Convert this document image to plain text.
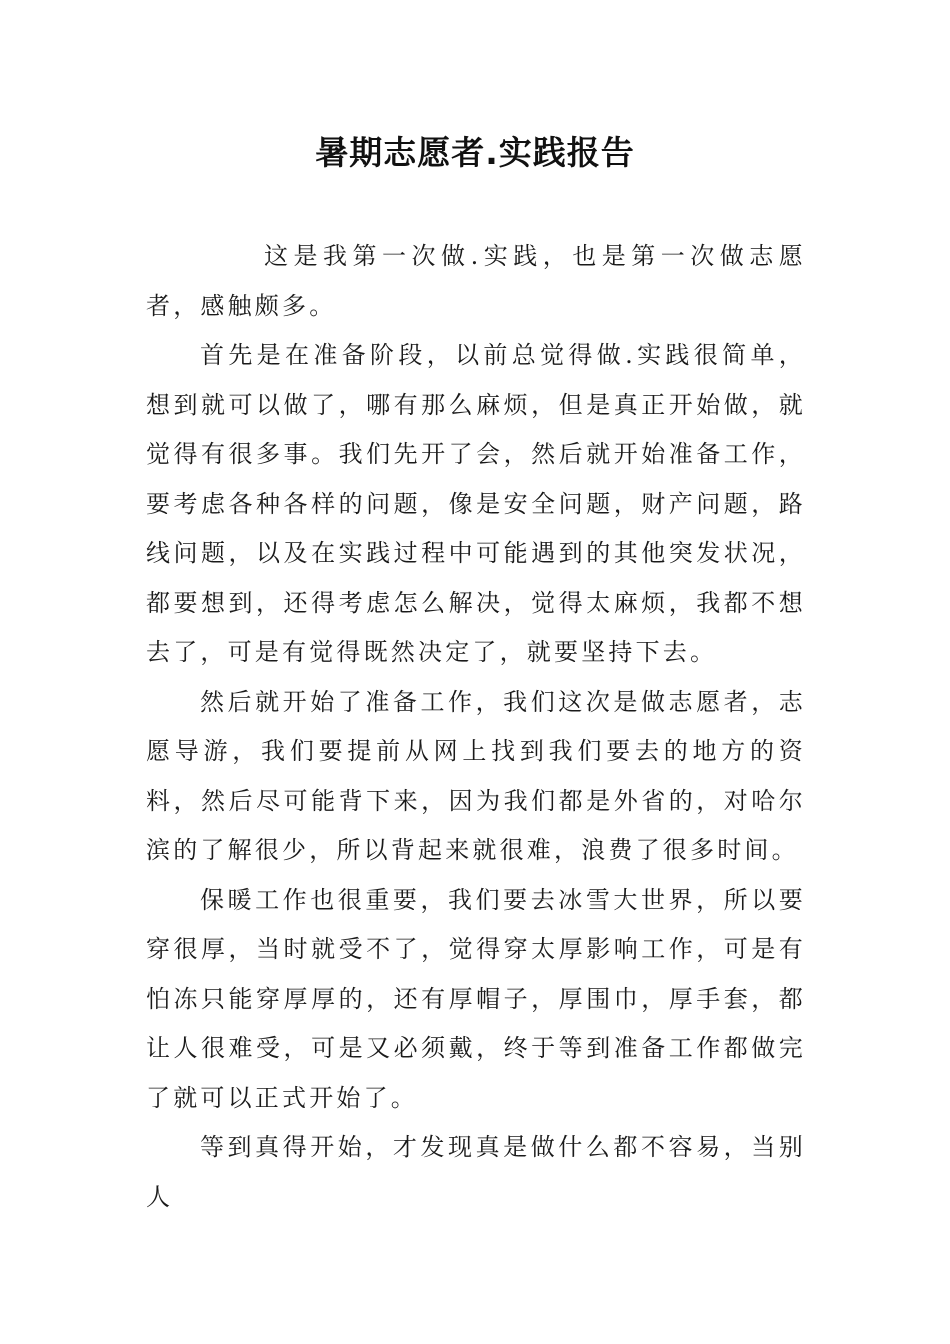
暑期志愿者.实践报告

这是我第一次做.实践，也是第一次做志愿者，感触颇多。

首先是在准备阶段，以前总觉得做.实践很简单，想到就可以做了，哪有那么麻烦，但是真正开始做，就觉得有很多事。我们先开了会，然后就开始准备工作，要考虑各种各样的问题，像是安全问题，财产问题，路线问题，以及在实践过程中可能遇到的其他突发状况，都要想到，还得考虑怎么解决，觉得太麻烦，我都不想去了，可是有觉得既然决定了，就要坚持下去。

然后就开始了准备工作，我们这次是做志愿者，志愿导游，我们要提前从网上找到我们要去的地方的资料，然后尽可能背下来，因为我们都是外省的，对哈尔滨的了解很少，所以背起来就很难，浪费了很多时间。

保暖工作也很重要，我们要去冰雪大世界，所以要穿很厚，当时就受不了，觉得穿太厚影响工作，可是有怕冻只能穿厚厚的，还有厚帽子，厚围巾，厚手套，都让人很难受，可是又必须戴，终于等到准备工作都做完了就可以正式开始了。

等到真得开始，才发现真是做什么都不容易，当别人
